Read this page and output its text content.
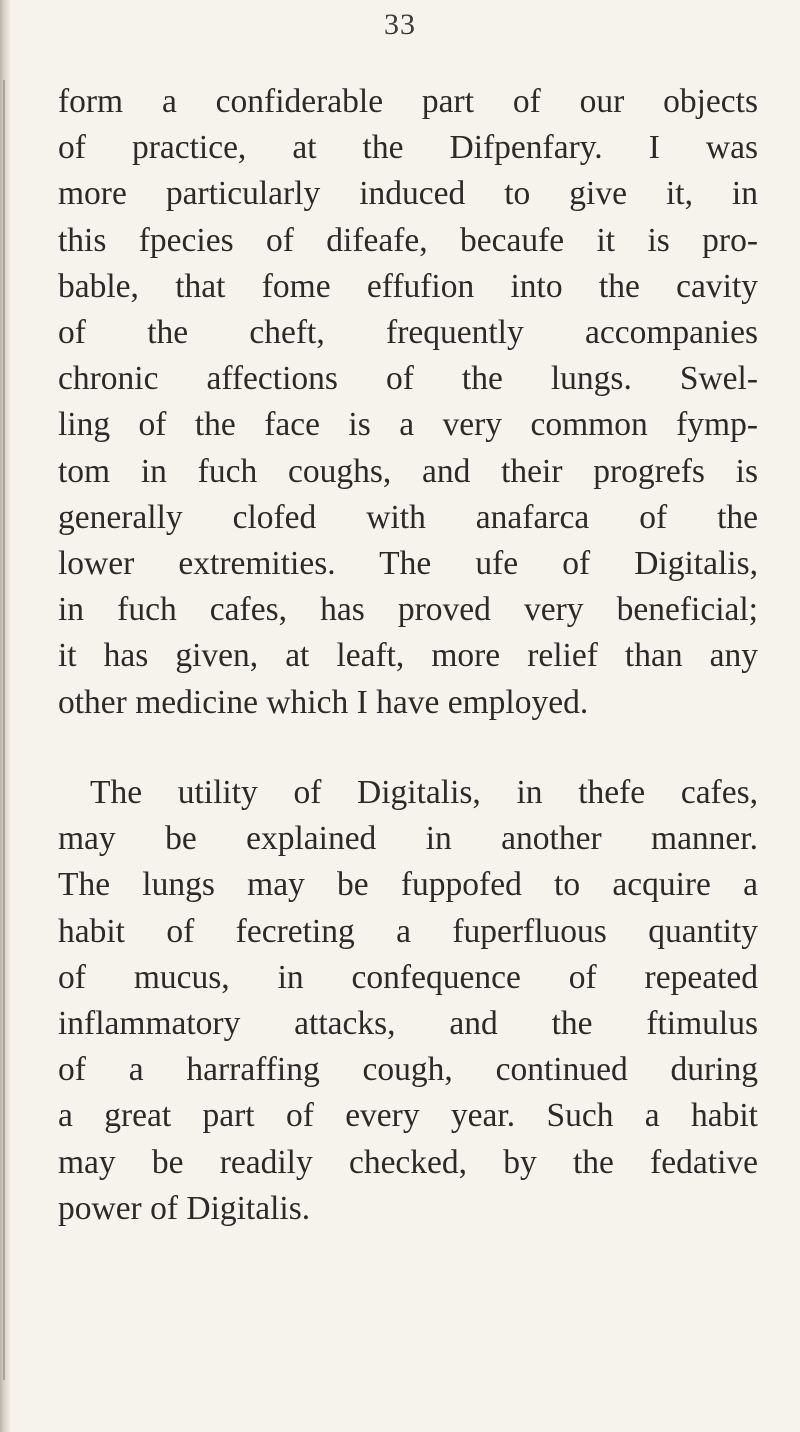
33
form a confiderable part of our objects
of practice, at the Difpenfary. I was
more particularly induced to give it, in
this fpecies of difeafe, becaufe it is pro-
bable, that fome effufion into the cavity
of the cheft, frequently accompanies
chronic affections of the lungs. Swel-
ling of the face is a very common fymp-
tom in fuch coughs, and their progrefs is
generally clofed with anafarca of the
lower extremities. The ufe of Digitalis,
in fuch cafes, has proved very beneficial;
it has given, at leaft, more relief than any
other medicine which I have employed.
The utility of Digitalis, in thefe cafes,
may be explained in another manner.
The lungs may be fuppofed to acquire a
habit of fecreting a fuperfluous quantity
of mucus, in confequence of repeated
inflammatory attacks, and the ftimulus
of a harraffing cough, continued during
a great part of every year. Such a habit
may be readily checked, by the fedative
power of Digitalis.
